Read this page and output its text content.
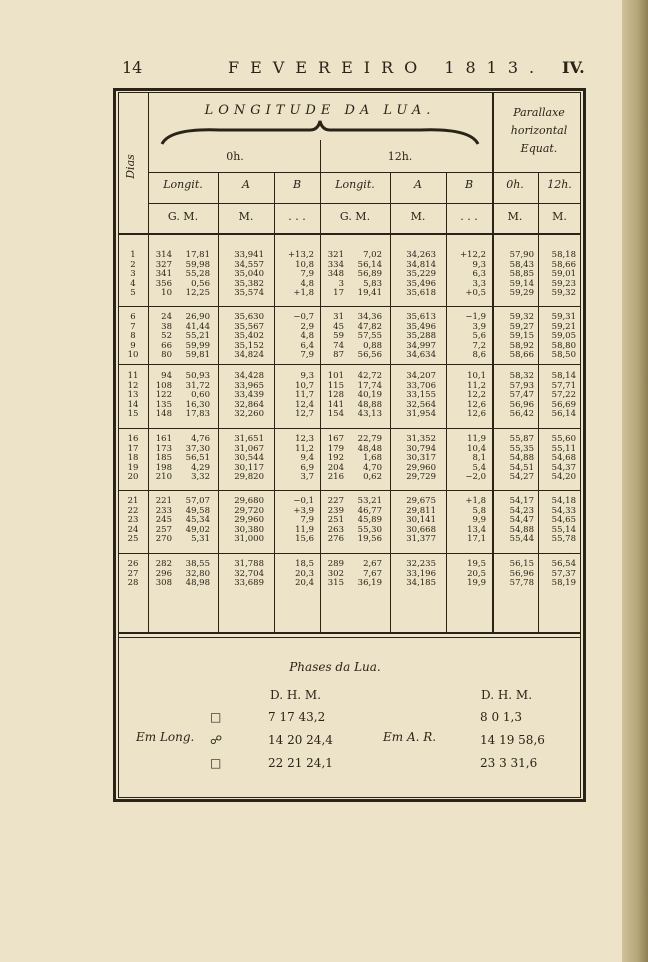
14	FEVEREIRO 1813. IV.
LONGITUDE DA LUA.
0h.	12h.
Parallaxe
horizontal
Equat.
Dias
Longit.	A	B	Longit.	A	B	0h.	12h.
G. M.	M.	. . .	G. M.	M.	. . .	M.	M.
1	314	17,81	33,941	+13,2	321	7,02	34,263	+12,2	57,90	58,18
2	327	59,98	34,557	10,8	334	56,14	34,814	9,3	58,43	58,66
3	341	55,28	35,040	7,9	348	56,89	35,229	6,3	58,85	59,01
4	356	0,56	35,382	4,8	3	5,83	35,496	3,3	59,14	59,23
5	10	12,25	35,574	+1,8	17	19,41	35,618	+0,5	59,29	59,32
6	24	26,90	35,630	−0,7	31	34,36	35,613	−1,9	59,32	59,31
7	38	41,44	35,567	2,9	45	47,82	35,496	3,9	59,27	59,21
8	52	55,21	35,402	4,8	59	57,55	35,288	5,6	59,15	59,05
9	66	59,99	35,152	6,4	74	0,88	34,997	7,2	58,92	58,80
10	80	59,81	34,824	7,9	87	56,56	34,634	8,6	58,66	58,50
11	94	50,93	34,428	9,3	101	42,72	34,207	10,1	58,32	58,14
12	108	31,72	33,965	10,7	115	17,74	33,706	11,2	57,93	57,71
13	122	0,60	33,439	11,7	128	40,19	33,155	12,2	57,47	57,22
14	135	16,30	32,864	12,4	141	48,88	32,564	12,6	56,96	56,69
15	148	17,83	32,260	12,7	154	43,13	31,954	12,6	56,42	56,14
16	161	4,76	31,651	12,3	167	22,79	31,352	11,9	55,87	55,60
17	173	37,30	31,067	11,2	179	48,48	30,794	10,4	55,35	55,11
18	185	56,51	30,544	9,4	192	1,68	30,317	8,1	54,88	54,68
19	198	4,29	30,117	6,9	204	4,70	29,960	5,4	54,51	54,37
20	210	3,32	29,820	3,7	216	0,62	29,729	−2,0	54,27	54,20
21	221	57,07	29,680	−0,1	227	53,21	29,675	+1,8	54,17	54,18
22	233	49,58	29,720	+3,9	239	46,77	29,811	5,8	54,23	54,33
23	245	45,34	29,960	7,9	251	45,89	30,141	9,9	54,47	54,65
24	257	49,02	30,380	11,9	263	55,30	30,668	13,4	54,88	55,14
25	270	5,31	31,000	15,6	276	19,56	31,377	17,1	55,44	55,78
26	282	38,55	31,788	18,5	289	2,67	32,235	19,5	56,15	56,54
27	296	32,80	32,704	20,3	302	7,67	33,196	20,5	56,96	57,37
28	308	48,98	33,689	20,4	315	36,19	34,185	19,9	57,78	58,19
Phases da Lua.
D. H. M.	D. H. M.
Em Long.	Em A. R.
□	7 17 43,2	8 0 1,3
☍	14 20 24,4	14 19 58,6
□	22 21 24,1	23 3 31,6
